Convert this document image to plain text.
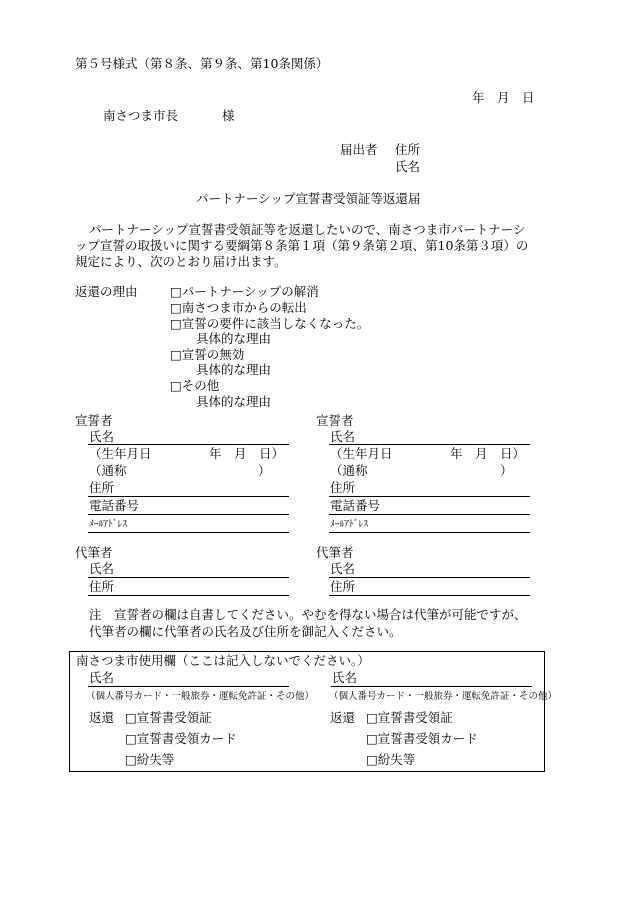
第５号様式（第８条、第９条、第10条関係）
年　月　日
南さつま市長	様
届出者 住所
氏名
パートナーシップ宣誓書受領証等返還届
パートナーシップ宣誓書受領証等を返還したいので、南さつま市パートナーシ
ップ宣誓の取扱いに関する要綱第８条第１項（第９条第２項、第10条第３項）の
規定により、次のとおり届け出ます。
返還の理由	□パートナーシップの解消
□南さつま市からの転出
□宣誓の要件に該当しなくなった。
具体的な理由
□宣誓の無効
具体的な理由
□その他
具体的な理由
宣誓者
氏名
（生年月日	年　月　日）
（通称	）
住所
電話番号
ﾒｰﾙｱﾄﾞﾚｽ
宣誓者
氏名
（生年月日	年　月　日）
（通称	）
住所
電話番号
ﾒｰﾙｱﾄﾞﾚｽ
代筆者
氏名
住所
代筆者
氏名
住所
注　宣誓者の欄は自書してください。やむを得ない場合は代筆が可能ですが、
代筆者の欄に代筆者の氏名及び住所を御記入ください。
南さつま市使用欄（ここは記入しないでください。）
氏名
（個人番号カード・一般旅券・運転免許証・その他）
返還 □宣誓書受領証
□宣誓書受領カード
□紛失等
氏名
（個人番号カード・一般旅券・運転免許証・その他）
返還 □宣誓書受領証
□宣誓書受領カード
□紛失等
